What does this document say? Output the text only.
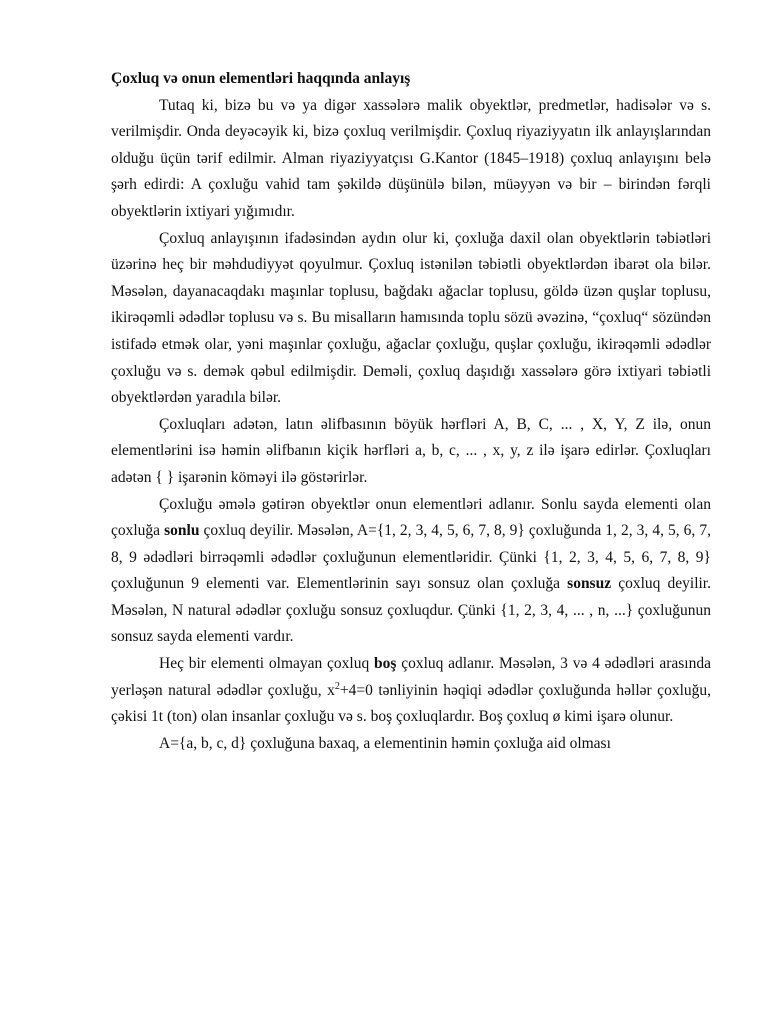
Çoxluq və onun elementləri haqqında anlayış

Tutaq ki, bizə bu və ya digər xassələrə malik obyektlər, predmetlər, hadisələr və s. verilmişdir. Onda deyəcəyik ki, bizə çoxluq verilmişdir. Çoxluq riyaziyyatın ilk anlayışlarından olduğu üçün tərif edilmir. Alman riyaziyyatçısı G.Kantor (1845–1918) çoxluq anlayışını belə şərh edirdi: A çoxluğu vahid tam şəkildə düşünülə bilən, müəyyən və bir – birindən fərqli obyektlərin ixtiyari yığımıdır.

Çoxluq anlayışının ifadəsindən aydın olur ki, çoxluğa daxil olan obyektlərin təbiətləri üzərinə heç bir məhdudiyyət qoyulmur. Çoxluq istənilən təbiətli obyektlərdən ibarət ola bilər. Məsələn, dayanacaqdakı maşınlar toplusu, bağdakı ağaclar toplusu, göldə üzən quşlar toplusu, ikirəqəmli ədədlər toplusu və s. Bu misalların hamısında toplu sözü əvəzinə, “çoxluq“ sözündən istifadə etmək olar, yəni maşınlar çoxluğu, ağaclar çoxluğu, quşlar çoxluğu, ikirəqəmli ədədlər çoxluğu və s. demək qəbul edilmişdir. Deməli, çoxluq daşıdığı xassələrə görə ixtiyari təbiətli obyektlərdən yaradıla bilər.

Çoxluqları adətən, latın əlifbasının böyük hərfləri A, B, C, ... , X, Y, Z ilə, onun elementlərini isə həmin əlifbanın kiçik hərfləri a, b, c, ... , x, y, z ilə işarə edirlər. Çoxluqları adətən { } işarənin köməyi ilə göstərirlər.

Çoxluğu əmələ gətirən obyektlər onun elementləri adlanır. Sonlu sayda elementi olan çoxluğa sonlu çoxluq deyilir. Məsələn, A={1, 2, 3, 4, 5, 6, 7, 8, 9} çoxluğunda 1, 2, 3, 4, 5, 6, 7, 8, 9 ədədləri birrəqəmli ədədlər çoxluğunun elementləridir. Çünki {1, 2, 3, 4, 5, 6, 7, 8, 9} çoxluğunun 9 elementi var. Elementlərinin sayı sonsuz olan çoxluğa sonsuz çoxluq deyilir. Məsələn, N natural ədədlər çoxluğu sonsuz çoxluqdur. Çünki {1, 2, 3, 4, ... , n, ...} çoxluğunun sonsuz sayda elementi vardır.

Heç bir elementi olmayan çoxluq boş çoxluq adlanır. Məsələn, 3 və 4 ədədləri arasında yerləşən natural ədədlər çoxluğu, $x^2+4=0$ tənliyinin həqiqi ədədlər çoxluğunda həllər çoxluğu, çəkisi 1t (ton) olan insanlar çoxluğu və s. boş çoxluqlardır. Boş çoxluq ø kimi işarə olunur.

A={a, b, c, d} çoxluğuna baxaq, a elementinin həmin çoxluğa aid olması
